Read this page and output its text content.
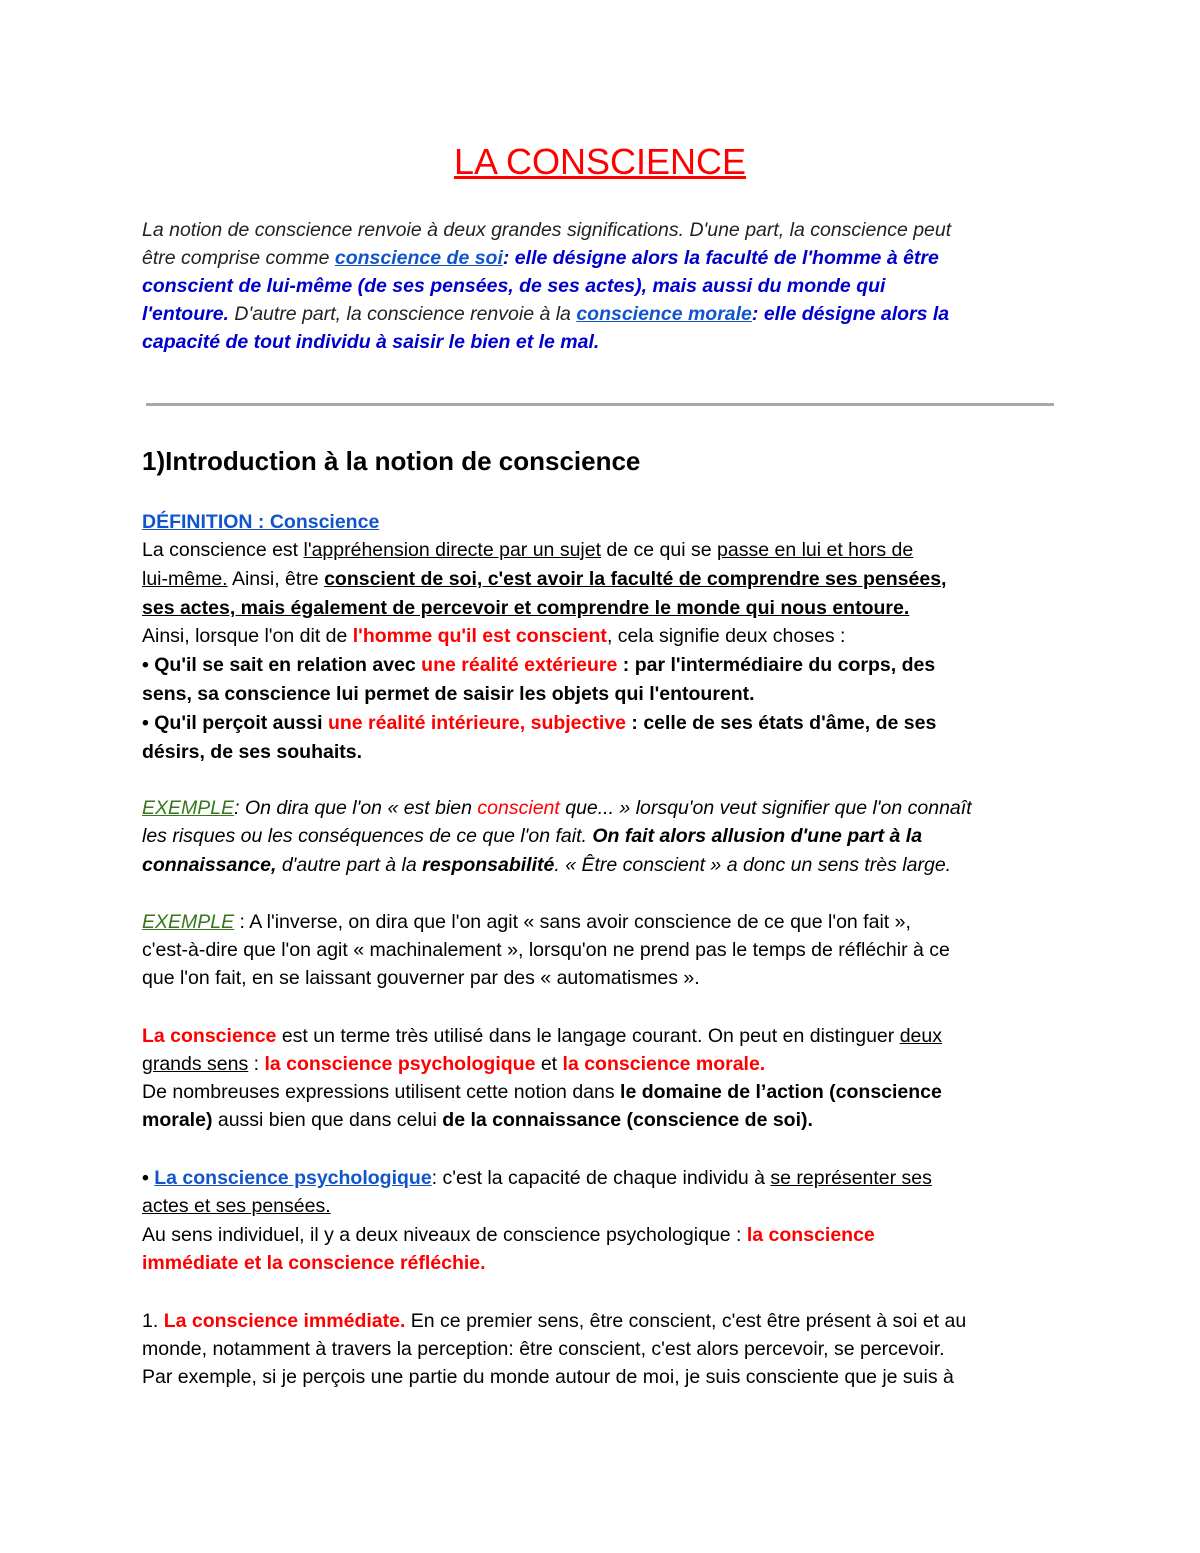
LA CONSCIENCE
La notion de conscience renvoie à deux grandes significations. D'une part, la conscience peut
être comprise comme conscience de soi: elle désigne alors la faculté de l'homme à être
conscient de lui-même (de ses pensées, de ses actes), mais aussi du monde qui
l'entoure. D'autre part, la conscience renvoie à la conscience morale: elle désigne alors la
capacité de tout individu à saisir le bien et le mal.
1)Introduction à la notion de conscience
DÉFINITION : Conscience
La conscience est l'appréhension directe par un sujet de ce qui se passe en lui et hors de
lui-même. Ainsi, être conscient de soi, c'est avoir la faculté de comprendre ses pensées,
ses actes, mais également de percevoir et comprendre le monde qui nous entoure.
Ainsi, lorsque l'on dit de l'homme qu'il est conscient, cela signifie deux choses :
• Qu'il se sait en relation avec une réalité extérieure : par l'intermédiaire du corps, des
sens, sa conscience lui permet de saisir les objets qui l'entourent.
• Qu'il perçoit aussi une réalité intérieure, subjective : celle de ses états d'âme, de ses
désirs, de ses souhaits.
EXEMPLE: On dira que l'on « est bien conscient que... » lorsqu'on veut signifier que l'on connaît
les risques ou les conséquences de ce que l'on fait. On fait alors allusion d'une part à la
connaissance, d'autre part à la responsabilité. « Être conscient » a donc un sens très large.
EXEMPLE : A l'inverse, on dira que l'on agit « sans avoir conscience de ce que l'on fait »,
c'est-à-dire que l'on agit « machinalement », lorsqu'on ne prend pas le temps de réfléchir à ce
que l'on fait, en se laissant gouverner par des « automatismes ».
La conscience est un terme très utilisé dans le langage courant. On peut en distinguer deux
grands sens : la conscience psychologique et la conscience morale.
De nombreuses expressions utilisent cette notion dans le domaine de l’action (conscience
morale) aussi bien que dans celui de la connaissance (conscience de soi).
• La conscience psychologique: c'est la capacité de chaque individu à se représenter ses
actes et ses pensées.
Au sens individuel, il y a deux niveaux de conscience psychologique : la conscience
immédiate et la conscience réfléchie.
1. La conscience immédiate. En ce premier sens, être conscient, c'est être présent à soi et au
monde, notamment à travers la perception: être conscient, c'est alors percevoir, se percevoir.
Par exemple, si je perçois une partie du monde autour de moi, je suis consciente que je suis à
